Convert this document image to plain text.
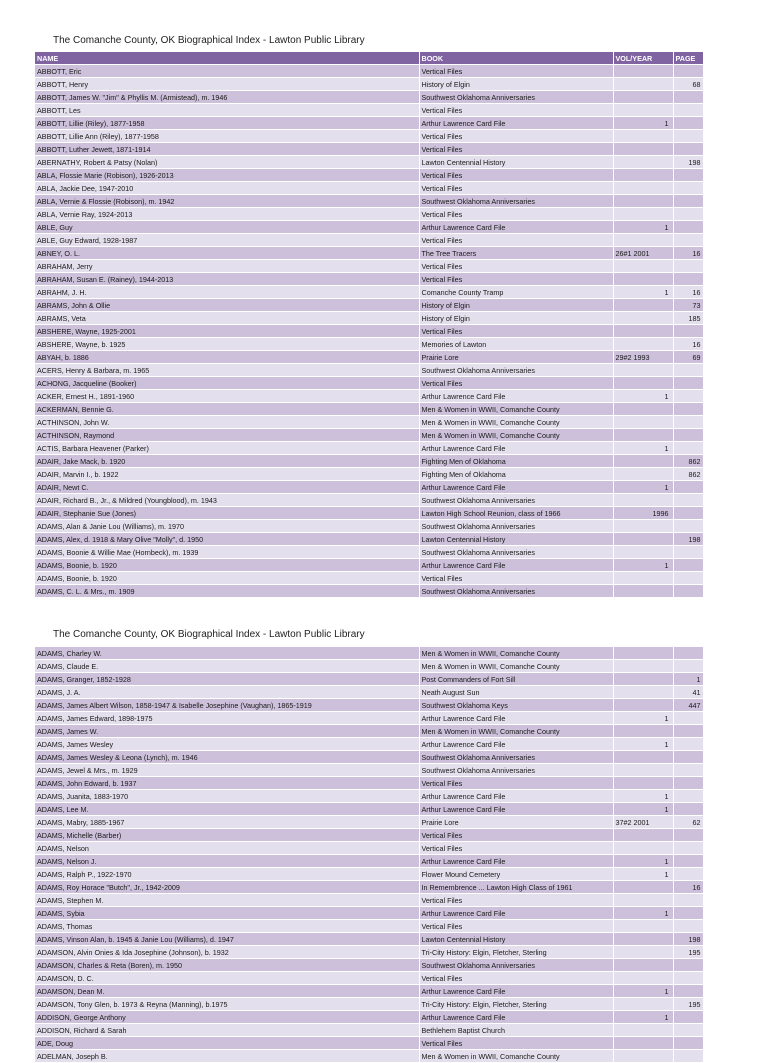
The Comanche County, OK Biographical Index - Lawton Public Library
NAME	BOOK	VOL/YEAR	PAGE
ABBOTT, Eric	Vertical Files		
ABBOTT, Henry	History of Elgin		68
ABBOTT, James W. "Jim" & Phyllis M. (Armistead), m. 1946	Southwest Oklahoma Anniversaries		
ABBOTT, Les	Vertical Files		
ABBOTT, Lillie (Riley), 1877-1958	Arthur Lawrence Card File	1	
ABBOTT, Lillie Ann (Riley), 1877-1958	Vertical Files		
ABBOTT, Luther Jewett, 1871-1914	Vertical Files		
ABERNATHY, Robert & Patsy (Nolan)	Lawton Centennial History		198
ABLA, Flossie Marie (Robison), 1926-2013	Vertical Files		
ABLA, Jackie Dee, 1947-2010	Vertical Files		
ABLA, Vernie & Flossie (Robison), m. 1942	Southwest Oklahoma Anniversaries		
ABLA, Vernie Ray, 1924-2013	Vertical Files		
ABLE, Guy	Arthur Lawrence Card File	1	
ABLE, Guy Edward, 1928-1987	Vertical Files		
ABNEY, O. L.	The Tree Tracers	26#1 2001	16
ABRAHAM, Jerry	Vertical Files		
ABRAHAM, Susan E. (Rainey), 1944-2013	Vertical Files		
ABRAHM, J. H.	Comanche County Tramp	1	16
ABRAMS, John & Ollie	History of Elgin		73
ABRAMS, Veta	History of Elgin		185
ABSHERE, Wayne, 1925-2001	Vertical Files		
ABSHERE, Wayne, b. 1925	Memories of Lawton		16
ABYAH, b. 1886	Prairie Lore	29#2 1993	69
ACERS, Henry & Barbara, m. 1965	Southwest Oklahoma Anniversaries		
ACHONG, Jacqueline (Booker)	Vertical Files		
ACKER, Ernest H., 1891-1960	Arthur Lawrence Card File	1	
ACKERMAN, Bennie G.	Men & Women in WWII, Comanche County		
ACTHINSON, John W.	Men & Women in WWII, Comanche County		
ACTHINSON, Raymond	Men & Women in WWII, Comanche County		
ACTIS, Barbara Heavener (Parker)	Arthur Lawrence Card File	1	
ADAIR, Jake Mack, b. 1920	Fighting Men of Oklahoma		862
ADAIR, Marvin I., b. 1922	Fighting Men of Oklahoma		862
ADAIR, Newt C.	Arthur Lawrence Card File	1	
ADAIR, Richard B., Jr., & Mildred (Youngblood), m. 1943	Southwest Oklahoma Anniversaries		
ADAIR, Stephanie Sue (Jones)	Lawton High School Reunion, class of 1966	1996	
ADAMS, Alan & Janie Lou (Williams), m. 1970	Southwest Oklahoma Anniversaries		
ADAMS, Alex, d. 1918 & Mary Olive "Molly", d. 1950	Lawton Centennial History		198
ADAMS, Boonie & Willie Mae (Hornbeck), m. 1939	Southwest Oklahoma Anniversaries		
ADAMS, Boonie, b. 1920	Arthur Lawrence Card File	1	
ADAMS, Boonie, b. 1920	Vertical Files		
ADAMS, C. L. & Mrs., m. 1909	Southwest Oklahoma Anniversaries		
The Comanche County, OK Biographical Index - Lawton Public Library
ADAMS, Charley W.	Men & Women in WWII, Comanche County		
ADAMS, Claude E.	Men & Women in WWII, Comanche County		
ADAMS, Granger, 1852-1928	Post Commanders of Fort Sill		1
ADAMS, J. A.	Neath August Sun		41
ADAMS, James Albert Wilson, 1858-1947 & Isabelle Josephine (Vaughan), 1865-1919	Southwest Oklahoma Keys		447
ADAMS, James Edward, 1898-1975	Arthur Lawrence Card File	1	
ADAMS, James W.	Men & Women in WWII, Comanche County		
ADAMS, James Wesley	Arthur Lawrence Card File	1	
ADAMS, James Wesley & Leona (Lynch), m. 1946	Southwest Oklahoma Anniversaries		
ADAMS, Jewel & Mrs., m. 1929	Southwest Oklahoma Anniversaries		
ADAMS, John Edward, b. 1937	Vertical Files		
ADAMS, Juanita, 1883-1970	Arthur Lawrence Card File	1	
ADAMS, Lee M.	Arthur Lawrence Card File	1	
ADAMS, Mabry, 1885-1967	Prairie Lore	37#2 2001	62
ADAMS, Michelle (Barber)	Vertical Files		
ADAMS, Nelson	Vertical Files		
ADAMS, Nelson J.	Arthur Lawrence Card File	1	
ADAMS, Ralph P., 1922-1970	Flower Mound Cemetery	1	
ADAMS, Roy Horace "Butch", Jr., 1942-2009	In Remembrence ... Lawton High Class of 1961		16
ADAMS, Stephen M.	Vertical Files		
ADAMS, Sybia	Arthur Lawrence Card File	1	
ADAMS, Thomas	Vertical Files		
ADAMS, Vinson Alan, b. 1945 & Janie Lou (Williams), d. 1947	Lawton Centennial History		198
ADAMSON, Alvin Onies & Ida Josephine (Johnson), b. 1932	Tri-City History: Elgin, Fletcher, Sterling		195
ADAMSON, Charles & Reta (Boren), m. 1950	Southwest Oklahoma Anniversaries		
ADAMSON, D. C.	Vertical Files		
ADAMSON, Dean M.	Arthur Lawrence Card File	1	
ADAMSON, Tony Glen, b. 1973 & Reyna (Manning), b.1975	Tri-City History: Elgin, Fletcher, Sterling		195
ADDISON, George Anthony	Arthur Lawrence Card File	1	
ADDISON, Richard & Sarah	Bethlehem Baptist Church		
ADE, Doug	Vertical Files		
ADELMAN, Joseph B.	Men & Women in WWII, Comanche County		
